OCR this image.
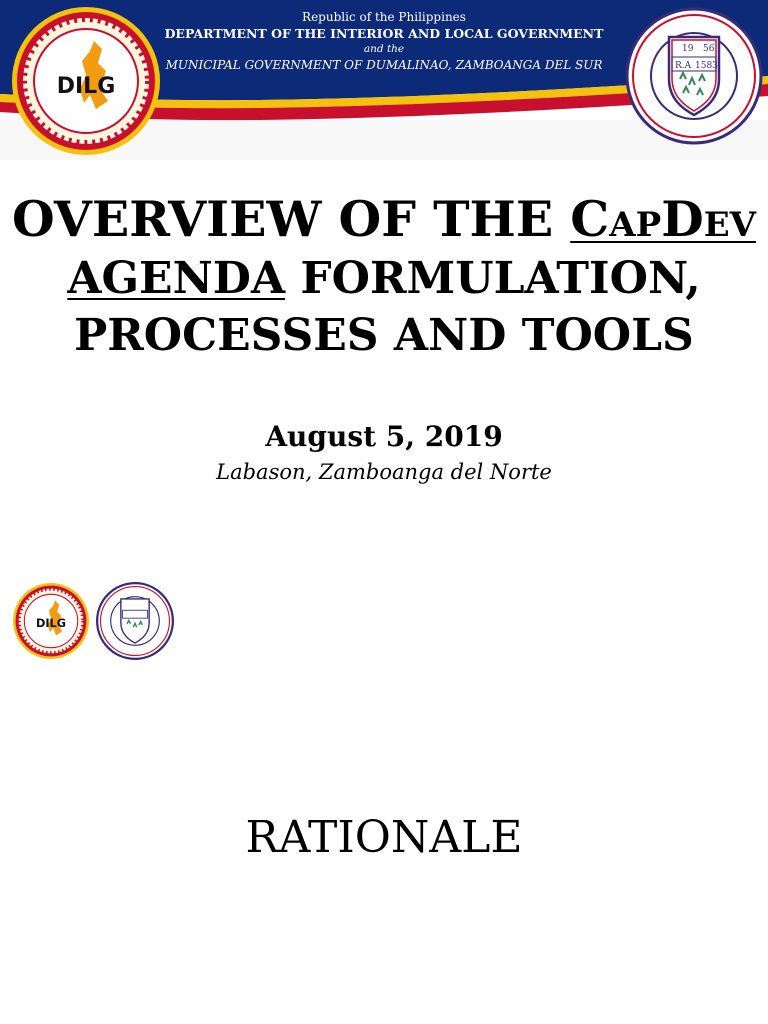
Republic of the Philippines
DEPARTMENT OF THE INTERIOR AND LOCAL GOVERNMENT
and the
MUNICIPAL GOVERNMENT OF DUMALINAO, ZAMBOANGA DEL SUR
DILG
19 56
R.A 1583
OVERVIEW OF THE CapDev
AGENDA FORMULATION,
PROCESSES AND TOOLS
August 5, 2019
Labason, Zamboanga del Norte
DILG
RATIONALE
